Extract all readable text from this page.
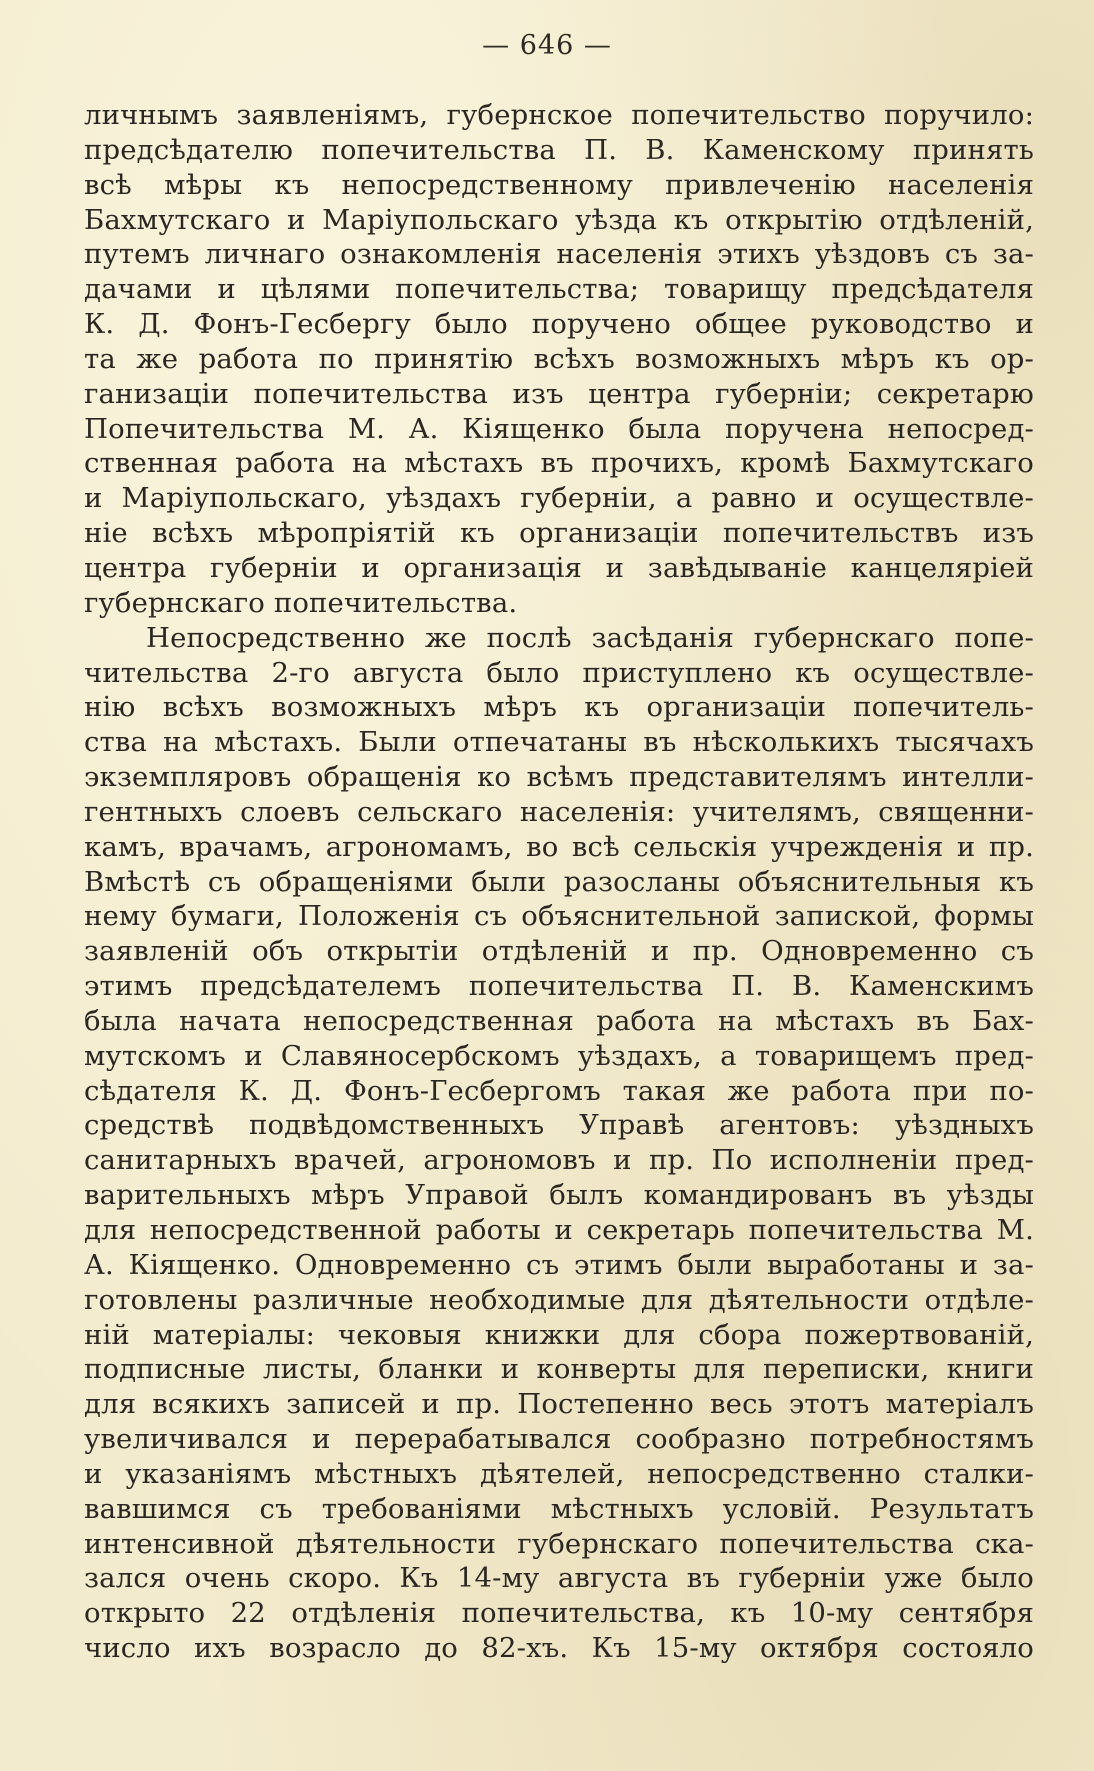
— 646 —
личнымъ заявленіямъ, губернское попечительство поручило:
предсѣдателю попечительства П. В. Каменскому принять
всѣ мѣры къ непосредственному привлеченію населенія
Бахмутскаго и Маріупольскаго уѣзда къ открытію отдѣленій,
путемъ личнаго ознакомленія населенія этихъ уѣздовъ съ за-
дачами и цѣлями попечительства; товарищу предсѣдателя
К. Д. Фонъ-Гесбергу было поручено общее руководство и
та же работа по принятію всѣхъ возможныхъ мѣръ къ ор-
ганизаціи попечительства изъ центра губерніи; секретарю
Попечительства М. А. Кіященко была поручена непосред-
ственная работа на мѣстахъ въ прочихъ, кромѣ Бахмутскаго
и Маріупольскаго, уѣздахъ губерніи, а равно и осуществле-
ніе всѣхъ мѣропріятій къ организаціи попечительствъ изъ
центра губерніи и организація и завѣдываніе канцеляріей
губернскаго попечительства.
Непосредственно же послѣ засѣданія губернскаго попе-
чительства 2-го августа было приступлено къ осуществле-
нію всѣхъ возможныхъ мѣръ къ организаціи попечитель-
ства на мѣстахъ. Были отпечатаны въ нѣсколькихъ тысячахъ
экземпляровъ обращенія ко всѣмъ представителямъ интелли-
гентныхъ слоевъ сельскаго населенія: учителямъ, священни-
камъ, врачамъ, агрономамъ, во всѣ сельскія учрежденія и пр.
Вмѣстѣ съ обращеніями были разосланы объяснительныя къ
нему бумаги, Положенія съ объяснительной запиской, формы
заявленій объ открытіи отдѣленій и пр. Одновременно съ
этимъ предсѣдателемъ попечительства П. В. Каменскимъ
была начата непосредственная работа на мѣстахъ въ Бах-
мутскомъ и Славяносербскомъ уѣздахъ, а товарищемъ пред-
сѣдателя К. Д. Фонъ-Гесбергомъ такая же работа при по-
средствѣ подвѣдомственныхъ Управѣ агентовъ: уѣздныхъ
санитарныхъ врачей, агрономовъ и пр. По исполненіи пред-
варительныхъ мѣръ Управой былъ командированъ въ уѣзды
для непосредственной работы и секретарь попечительства М.
А. Кіященко. Одновременно съ этимъ были выработаны и за-
готовлены различные необходимые для дѣятельности отдѣле-
ній матеріалы: чековыя книжки для сбора пожертвованій,
подписные листы, бланки и конверты для переписки, книги
для всякихъ записей и пр. Постепенно весь этотъ матеріалъ
увеличивался и перерабатывался сообразно потребностямъ
и указаніямъ мѣстныхъ дѣятелей, непосредственно сталки-
вавшимся съ требованіями мѣстныхъ условій. Результатъ
интенсивной дѣятельности губернскаго попечительства ска-
зался очень скоро. Къ 14-му августа въ губерніи уже было
открыто 22 отдѣленія попечительства, къ 10-му сентября
число ихъ возрасло до 82-хъ. Къ 15-му октября состояло
